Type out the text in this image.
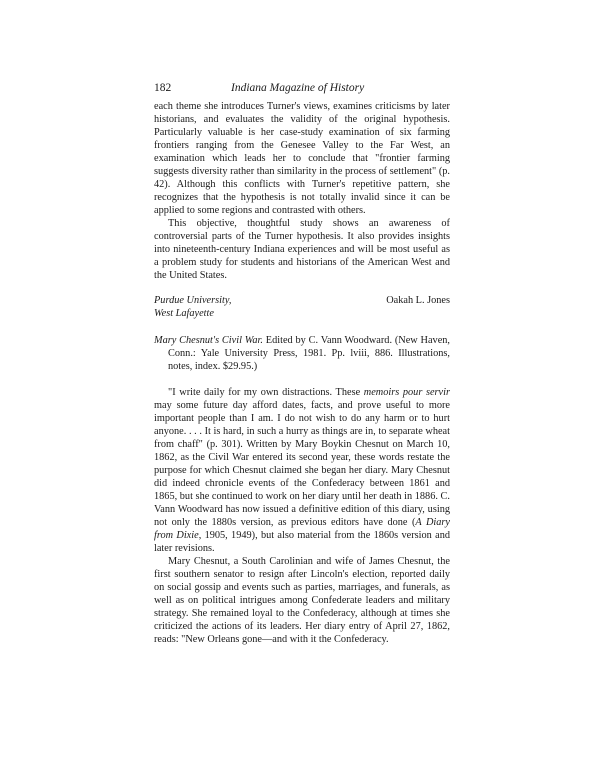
182	Indiana Magazine of History

each theme she introduces Turner's views, examines criticisms by later historians, and evaluates the validity of the original hypothesis. Particularly valuable is her case-study examination of six farming frontiers ranging from the Genesee Valley to the Far West, an examination which leads her to conclude that "frontier farming suggests diversity rather than similarity in the process of settlement" (p. 42). Although this conflicts with Turner's repetitive pattern, she recognizes that the hypothesis is not totally invalid since it can be applied to some regions and contrasted with others.

This objective, thoughtful study shows an awareness of controversial parts of the Turner hypothesis. It also provides insights into nineteenth-century Indiana experiences and will be most useful as a problem study for students and historians of the American West and the United States.

Purdue University,
West Lafayette
Oakah L. Jones
Mary Chesnut's Civil War. Edited by C. Vann Woodward. (New Haven, Conn.: Yale University Press, 1981. Pp. lviii, 886. Illustrations, notes, index. $29.95.)

"I write daily for my own distractions. These memoirs pour servir may some future day afford dates, facts, and prove useful to more important people than I am. I do not wish to do any harm or to hurt anyone. . . . It is hard, in such a hurry as things are in, to separate wheat from chaff" (p. 301). Written by Mary Boykin Chesnut on March 10, 1862, as the Civil War entered its second year, these words restate the purpose for which Chesnut claimed she began her diary. Mary Chesnut did indeed chronicle events of the Confederacy between 1861 and 1865, but she continued to work on her diary until her death in 1886. C. Vann Woodward has now issued a definitive edition of this diary, using not only the 1880s version, as previous editors have done (A Diary from Dixie, 1905, 1949), but also material from the 1860s version and later revisions.

Mary Chesnut, a South Carolinian and wife of James Chesnut, the first southern senator to resign after Lincoln's election, reported daily on social gossip and events such as parties, marriages, and funerals, as well as on political intrigues among Confederate leaders and military strategy. She remained loyal to the Confederacy, although at times she criticized the actions of its leaders. Her diary entry of April 27, 1862, reads: "New Orleans gone—and with it the Confederacy.
